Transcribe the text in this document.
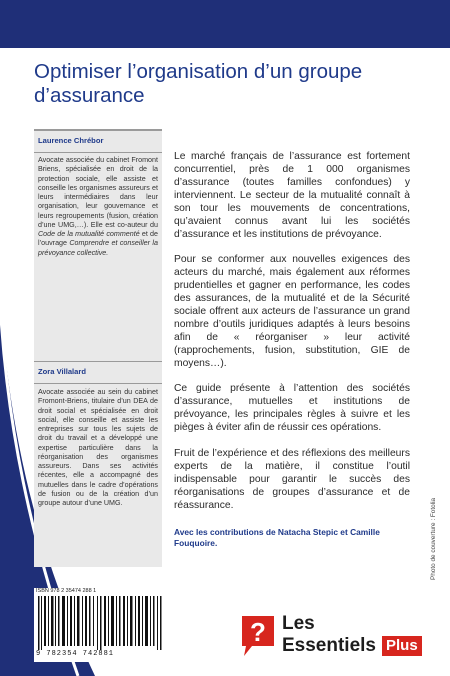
Optimiser l’organisation d’un groupe d’assurance

Laurence Chrébor

Avocate associée du cabinet Fromont Briens, spécialisée en droit de la protection sociale, elle assiste et conseille les organismes assureurs et leurs intermédiaires dans leur organisation, leur gouvernance et leurs regroupements (fusion, création d’une UMG,…). Elle est co-auteur du Code de la mutualité commenté et de l’ouvrage Comprendre et conseiller la prévoyance collective.

Zora Villalard

Avocate associée au sein du cabinet Fromont-Briens, titulaire d’un DEA de droit social et spécialisée en droit social, elle conseille et assiste les entreprises sur tous les sujets de droit du travail et a développé une expertise particulière dans la réorganisation des organismes assureurs. Dans ses activités récentes, elle a accompagné des mutuelles dans le cadre d’opérations de fusion ou de la création d’un groupe autour d’une UMG.

Le marché français de l’assurance est fortement concurrentiel, près de 1 000 organismes d’assurance (toutes familles confondues) y interviennent. Le secteur de la mutualité connaît à son tour les mouvements de concentrations, qu’avaient connus avant lui les sociétés d’assurance et les institutions de prévoyance.

Pour se conformer aux nouvelles exigences des acteurs du marché, mais également aux réformes prudentielles et gagner en performance, les codes des assurances, de la mutualité et de la Sécurité sociale offrent aux acteurs de l’assurance un grand nombre d’outils juridiques adaptés à leurs besoins afin de « réorganiser » leur activité (rapprochements, fusion, substitution, GIE de moyens…).

Ce guide présente à l’attention des sociétés d’assurance, mutuelles et institutions de prévoyance, les principales règles à suivre et les pièges à éviter afin de réussir ces opérations.

Fruit de l’expérience et des réflexions des meilleurs experts de la matière, il constitue l’outil indispensable pour garantir le succès des réorganisations de groupes d’assurance et de réassurance.

Avec les contributions de Natacha Stepic et Camille Fouquoire.	Photo de couverture : Fotolia
ISBN 978 2 35474 288 1
9 782354 742881
? Les
Essentiels Plus
